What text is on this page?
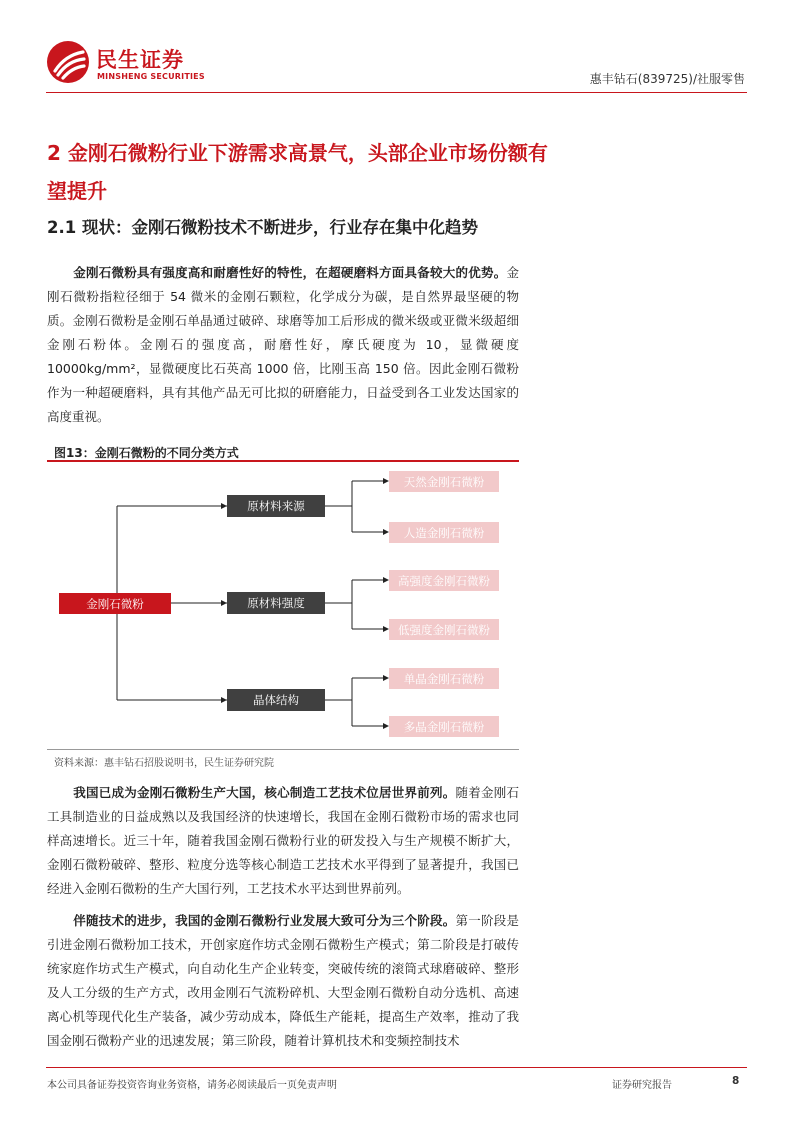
民生证券
MINSHENG SECURITIES	惠丰钻石(839725)/社服零售
2 金刚石微粉行业下游需求高景气，头部企业市场份额有望提升
2.1 现状：金刚石微粉技术不断进步，行业存在集中化趋势
金刚石微粉具有强度高和耐磨性好的特性，在超硬磨料方面具备较大的优势。金刚石微粉指粒径细于 54 微米的金刚石颗粒，化学成分为碳，是自然界最坚硬的物质。金刚石微粉是金刚石单晶通过破碎、球磨等加工后形成的微米级或亚微米级超细金刚石粉体。金刚石的强度高，耐磨性好，摩氏硬度为 10，显微硬度 10000kg/mm²，显微硬度比石英高 1000 倍，比刚玉高 150 倍。因此金刚石微粉作为一种超硬磨料，具有其他产品无可比拟的研磨能力，日益受到各工业发达国家的高度重视。
图13：金刚石微粉的不同分类方式
金刚石微粉
原材料来源
原材料强度
晶体结构
天然金刚石微粉
人造金刚石微粉
高强度金刚石微粉
低强度金刚石微粉
单晶金刚石微粉
多晶金刚石微粉
资料来源：惠丰钻石招股说明书，民生证券研究院
我国已成为金刚石微粉生产大国，核心制造工艺技术位居世界前列。随着金刚石工具制造业的日益成熟以及我国经济的快速增长，我国在金刚石微粉市场的需求也同样高速增长。近三十年，随着我国金刚石微粉行业的研发投入与生产规模不断扩大，金刚石微粉破碎、整形、粒度分选等核心制造工艺技术水平得到了显著提升，我国已经进入金刚石微粉的生产大国行列，工艺技术水平达到世界前列。
伴随技术的进步，我国的金刚石微粉行业发展大致可分为三个阶段。第一阶段是引进金刚石微粉加工技术，开创家庭作坊式金刚石微粉生产模式；第二阶段是打破传统家庭作坊式生产模式，向自动化生产企业转变，突破传统的滚筒式球磨破碎、整形及人工分级的生产方式，改用金刚石气流粉碎机、大型金刚石微粉自动分选机、高速离心机等现代化生产装备，减少劳动成本，降低生产能耗，提高生产效率，推动了我国金刚石微粉产业的迅速发展；第三阶段，随着计算机技术和变频控制技术
本公司具备证券投资咨询业务资格，请务必阅读最后一页免责声明	证券研究报告	8
